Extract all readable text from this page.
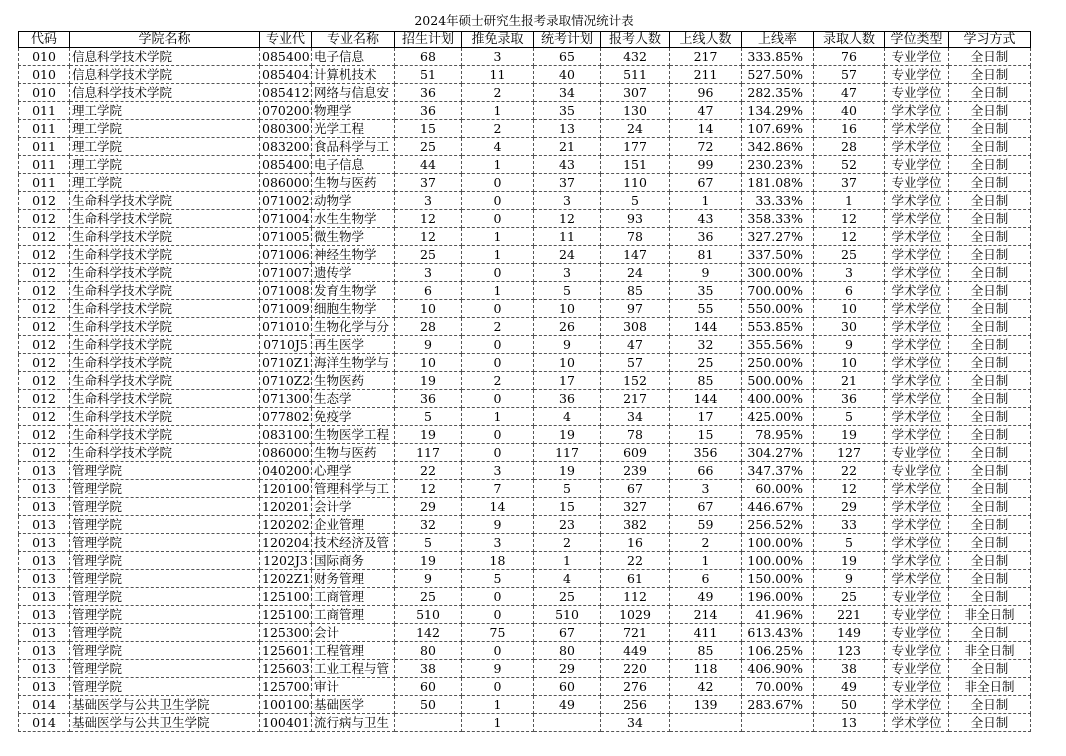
2024年硕士研究生报考录取情况统计表
代码	学院名称	专业代	专业名称	招生计划	推免录取	统考计划	报考人数	上线人数	上线率	录取人数	学位类型	学习方式
010	信息科学技术学院	085400	电子信息	68	3	65	432	217	333.85%	76	专业学位	全日制
010	信息科学技术学院	085404	计算机技术	51	11	40	511	211	527.50%	57	专业学位	全日制
010	信息科学技术学院	085412	网络与信息安	36	2	34	307	96	282.35%	47	专业学位	全日制
011	理工学院	070200	物理学	36	1	35	130	47	134.29%	40	学术学位	全日制
011	理工学院	080300	光学工程	15	2	13	24	14	107.69%	16	学术学位	全日制
011	理工学院	083200	食品科学与工	25	4	21	177	72	342.86%	28	学术学位	全日制
011	理工学院	085400	电子信息	44	1	43	151	99	230.23%	52	专业学位	全日制
011	理工学院	086000	生物与医药	37	0	37	110	67	181.08%	37	专业学位	全日制
012	生命科学技术学院	071002	动物学	3	0	3	5	1	33.33%	1	学术学位	全日制
012	生命科学技术学院	071004	水生生物学	12	0	12	93	43	358.33%	12	学术学位	全日制
012	生命科学技术学院	071005	微生物学	12	1	11	78	36	327.27%	12	学术学位	全日制
012	生命科学技术学院	071006	神经生物学	25	1	24	147	81	337.50%	25	学术学位	全日制
012	生命科学技术学院	071007	遗传学	3	0	3	24	9	300.00%	3	学术学位	全日制
012	生命科学技术学院	071008	发育生物学	6	1	5	85	35	700.00%	6	学术学位	全日制
012	生命科学技术学院	071009	细胞生物学	10	0	10	97	55	550.00%	10	学术学位	全日制
012	生命科学技术学院	071010	生物化学与分	28	2	26	308	144	553.85%	30	学术学位	全日制
012	生命科学技术学院	0710J5	再生医学	9	0	9	47	32	355.56%	9	学术学位	全日制
012	生命科学技术学院	0710Z1	海洋生物学与	10	0	10	57	25	250.00%	10	学术学位	全日制
012	生命科学技术学院	0710Z2	生物医药	19	2	17	152	85	500.00%	21	学术学位	全日制
012	生命科学技术学院	071300	生态学	36	0	36	217	144	400.00%	36	学术学位	全日制
012	生命科学技术学院	077802	免疫学	5	1	4	34	17	425.00%	5	学术学位	全日制
012	生命科学技术学院	083100	生物医学工程	19	0	19	78	15	78.95%	19	学术学位	全日制
012	生命科学技术学院	086000	生物与医药	117	0	117	609	356	304.27%	127	专业学位	全日制
013	管理学院	040200	心理学	22	3	19	239	66	347.37%	22	专业学位	全日制
013	管理学院	120100	管理科学与工	12	7	5	67	3	60.00%	12	学术学位	全日制
013	管理学院	120201	会计学	29	14	15	327	67	446.67%	29	学术学位	全日制
013	管理学院	120202	企业管理	32	9	23	382	59	256.52%	33	学术学位	全日制
013	管理学院	120204	技术经济及管	5	3	2	16	2	100.00%	5	学术学位	全日制
013	管理学院	1202J3	国际商务	19	18	1	22	1	100.00%	19	学术学位	全日制
013	管理学院	1202Z1	财务管理	9	5	4	61	6	150.00%	9	学术学位	全日制
013	管理学院	125100	工商管理	25	0	25	112	49	196.00%	25	专业学位	全日制
013	管理学院	125100	工商管理	510	0	510	1029	214	41.96%	221	专业学位	非全日制
013	管理学院	125300	会计	142	75	67	721	411	613.43%	149	专业学位	全日制
013	管理学院	125601	工程管理	80	0	80	449	85	106.25%	123	专业学位	非全日制
013	管理学院	125603	工业工程与管	38	9	29	220	118	406.90%	38	专业学位	全日制
013	管理学院	125700	审计	60	0	60	276	42	70.00%	49	专业学位	非全日制
014	基础医学与公共卫生学院	100100	基础医学	50	1	49	256	139	283.67%	50	学术学位	全日制
014	基础医学与公共卫生学院	100401	流行病与卫生		1		34			13	学术学位	全日制
